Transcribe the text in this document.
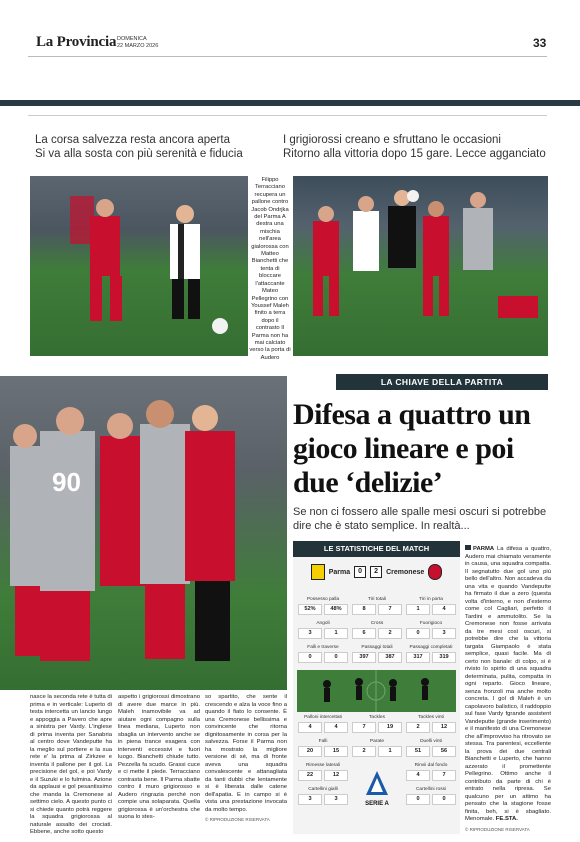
La Provincia DOMENICA
22 MARZO 2026	33
La corsa salvezza resta ancora aperta
Si va alla sosta con più serenità e fiducia
I grigiorossi creano e sfruttano le occasioni
Ritorno alla vittoria dopo 15 gare. Lecce agganciato
Filippo Terracciano recupera un pallone contro Jacob Ondrjka del Parma A destra una mischia nell'area gialorossa con Matteo Bianchetti che tenta di bloccare l'attaccante Mateo Pellegrino con Youssef Maleh finito a terra dopo il contrasto Il Parma non ha mai calciato verso la porta di Audero
90
LA CHIAVE DELLA PARTITA
Difesa a quattro un gioco lineare e poi due ‘delizie’
Se non ci fossero alle spalle mesi oscuri si potrebbe dire che è stato semplice. In realtà...
nasce la seconda rete è tutta di prima e in verticale: Luperto di testa intercetta un lancio lungo e appoggia a Pavero che apre a sinistra per Vardy. L'inglese di prima inventa per Sanabria al centro dove Vandeputte ha la meglio sul portiere e la sua rete e' la prima al Zirkzee e inventa il pallone per il gol. La precisione del gol, e poi Vardy e il Suzuki e lo fulmina. Azione da applausi e gol pesantissimo che manda la Cremonese al settimo cielo. A questo punto ci si chiede quanto potrà reggere la squadra grigiorossa al naturale assalto dei crociati. Ebbene, anche sotto questo
aspetto i grigiorossi dimostrano di avere due marce in più. Maleh inamovibile va ad aiutare ogni compagno sulla linea mediana, Luperto non sbaglia un intervento anche se in piena trance esagera con interventi eccessivi e fuori luogo. Bianchetti chiude tutto. Pezzella fa scudo. Grassi cuce e ci mette il piede. Terracciano contrasta bene. Il Parma sbatte contro il muro grigiorosso e Audero ringrazia perché non compie una solaparata. Quella grigiorossa è un'orchestra che suona lo stes-
so spartito, che sente il crescendo e alza la voce fino a quando il fiato lo consente. È una Cremonese bellissima e convincente che ritorna dignitosamente in corsa per la salvezza. Forse il Parma non ha mostrato la migliore versione di sé, ma di fronte aveva una squadra convalescente e attanagliata da tanti dubbi che lentamente si è liberata dalle catene dell'apatia. E in campo si è vista una prestazione invocata da molto tempo.
© RIPRODUZIONE RISERVATA
LE STATISTICHE DEL MATCH
Parma	0	2	Cremonese
Possesso palla
52%	48%
Tiri totali
8	7
Tiri in porta
1	4
Angoli
3	1
Cross
6	2
Fuorigioco
0	3
Falli e traverse
0	0
Passaggi totali
397	387
Passaggi completati
317	319
Palloni intercettati
4	4
Tackles
7	19
Tackles vinti
2	12
Falli
20	15
Parate
2	1
Duelli vinti
51	56
Rimesse laterali
22	12
Rinvii dal fondo
4	7
Cartellini gialli
3	3
Cartellini rossi
0	0
SERIE A
PARMA La difesa a quattro, Audero mai chiamato veramente in causa, una squadra compatta. Il segnatutto due gol uno più bello dell'altro. Non accadeva da una vita e quando Vandeputte ha firmato il due a zero (questa volta d'interno, e non d'esterno come col Cagliari, perfetto il Tardini e ammutolito. Se la Cremonese non fosse arrivata da tre mesi così oscuri, si potrebbe dire che la vittoria targata Giampaolo è stata semplice, quasi facile. Ma di certo non banale: di colpo, si è rivisto lo spirito di una squadra determinata, pulita, compatta in ogni reparto. Gioco lineare, senza fronzoli ma anche molto concreta. I gol di Maleh è un capolavoro balistico, il raddoppio sul fase Vardy fgrande assistent Vandeputte (grande inserimento) e il manifesto di una Cremonese che all'improvviso ha ritrovato se stessa. Tra parentesi, eccellente la prova dei due centrali Bianchetti e Luperto, che hanno azzerato il promettente Pellegrino. Ottimo anche il contributo da parte di chi è entrato nella ripresa. Se qualcuno per un attimo ha pensato che la stagione fosse finita, beh, si è sbagliato. Menomale. FE.STA.
© RIPRODUZIONE RISERVATA
